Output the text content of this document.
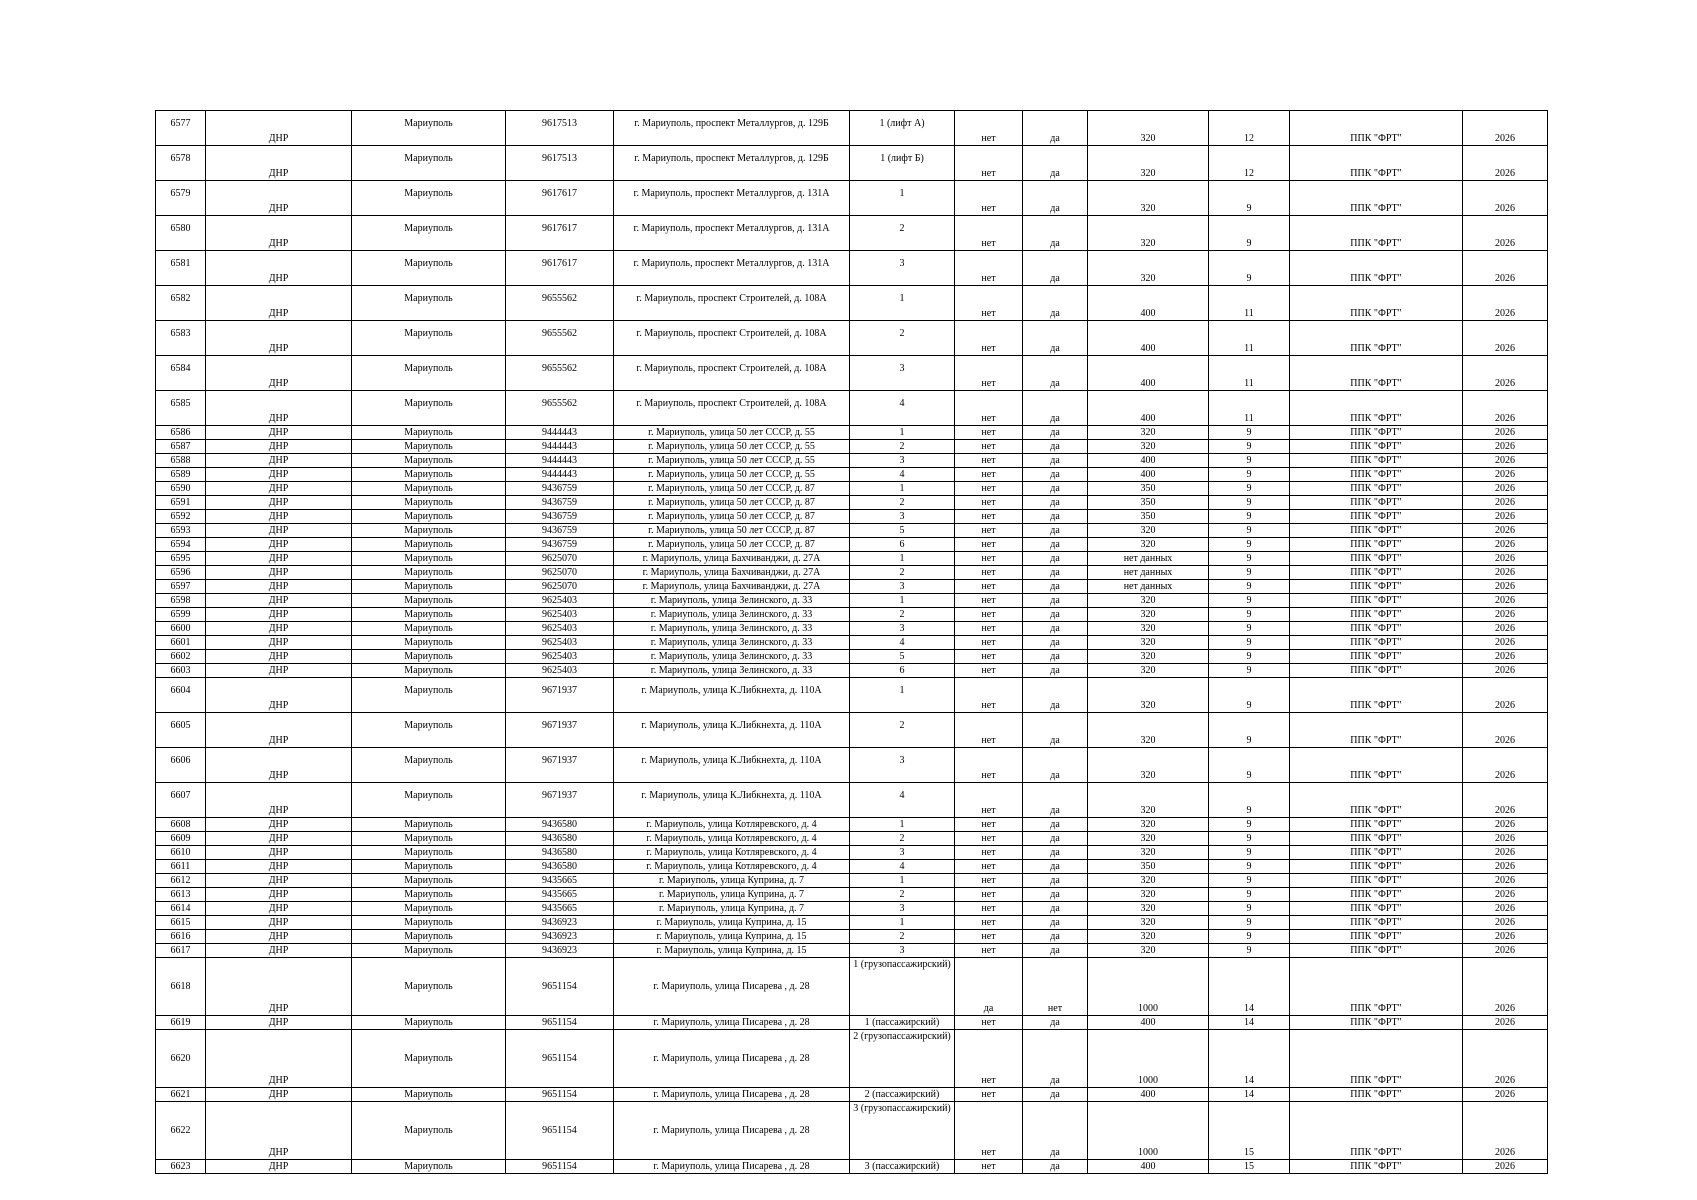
6577	ДНР	Мариуполь	9617513	г. Мариуполь, проспект Металлургов, д. 129Б	1 (лифт А)	нет	да	320	12	ППК "ФРТ"	2026
6578	ДНР	Мариуполь	9617513	г. Мариуполь, проспект Металлургов, д. 129Б	1 (лифт Б)	нет	да	320	12	ППК "ФРТ"	2026
6579	ДНР	Мариуполь	9617617	г. Мариуполь, проспект Металлургов, д. 131А	1	нет	да	320	9	ППК "ФРТ"	2026
6580	ДНР	Мариуполь	9617617	г. Мариуполь, проспект Металлургов, д. 131А	2	нет	да	320	9	ППК "ФРТ"	2026
6581	ДНР	Мариуполь	9617617	г. Мариуполь, проспект Металлургов, д. 131А	3	нет	да	320	9	ППК "ФРТ"	2026
6582	ДНР	Мариуполь	9655562	г. Мариуполь, проспект Строителей, д. 108А	1	нет	да	400	11	ППК "ФРТ"	2026
6583	ДНР	Мариуполь	9655562	г. Мариуполь, проспект Строителей, д. 108А	2	нет	да	400	11	ППК "ФРТ"	2026
6584	ДНР	Мариуполь	9655562	г. Мариуполь, проспект Строителей, д. 108А	3	нет	да	400	11	ППК "ФРТ"	2026
6585	ДНР	Мариуполь	9655562	г. Мариуполь, проспект Строителей, д. 108А	4	нет	да	400	11	ППК "ФРТ"	2026
6586	ДНР	Мариуполь	9444443	г. Мариуполь, улица 50 лет СССР, д. 55	1	нет	да	320	9	ППК "ФРТ"	2026
6587	ДНР	Мариуполь	9444443	г. Мариуполь, улица 50 лет СССР, д. 55	2	нет	да	320	9	ППК "ФРТ"	2026
6588	ДНР	Мариуполь	9444443	г. Мариуполь, улица 50 лет СССР, д. 55	3	нет	да	400	9	ППК "ФРТ"	2026
6589	ДНР	Мариуполь	9444443	г. Мариуполь, улица 50 лет СССР, д. 55	4	нет	да	400	9	ППК "ФРТ"	2026
6590	ДНР	Мариуполь	9436759	г. Мариуполь, улица 50 лет СССР, д. 87	1	нет	да	350	9	ППК "ФРТ"	2026
6591	ДНР	Мариуполь	9436759	г. Мариуполь, улица 50 лет СССР, д. 87	2	нет	да	350	9	ППК "ФРТ"	2026
6592	ДНР	Мариуполь	9436759	г. Мариуполь, улица 50 лет СССР, д. 87	3	нет	да	350	9	ППК "ФРТ"	2026
6593	ДНР	Мариуполь	9436759	г. Мариуполь, улица 50 лет СССР, д. 87	5	нет	да	320	9	ППК "ФРТ"	2026
6594	ДНР	Мариуполь	9436759	г. Мариуполь, улица 50 лет СССР, д. 87	6	нет	да	320	9	ППК "ФРТ"	2026
6595	ДНР	Мариуполь	9625070	г. Мариуполь, улица Бахчиванджи, д. 27А	1	нет	да	нет данных	9	ППК "ФРТ"	2026
6596	ДНР	Мариуполь	9625070	г. Мариуполь, улица Бахчиванджи, д. 27А	2	нет	да	нет данных	9	ППК "ФРТ"	2026
6597	ДНР	Мариуполь	9625070	г. Мариуполь, улица Бахчиванджи, д. 27А	3	нет	да	нет данных	9	ППК "ФРТ"	2026
6598	ДНР	Мариуполь	9625403	г. Мариуполь, улица Зелинского, д. 33	1	нет	да	320	9	ППК "ФРТ"	2026
6599	ДНР	Мариуполь	9625403	г. Мариуполь, улица Зелинского, д. 33	2	нет	да	320	9	ППК "ФРТ"	2026
6600	ДНР	Мариуполь	9625403	г. Мариуполь, улица Зелинского, д. 33	3	нет	да	320	9	ППК "ФРТ"	2026
6601	ДНР	Мариуполь	9625403	г. Мариуполь, улица Зелинского, д. 33	4	нет	да	320	9	ППК "ФРТ"	2026
6602	ДНР	Мариуполь	9625403	г. Мариуполь, улица Зелинского, д. 33	5	нет	да	320	9	ППК "ФРТ"	2026
6603	ДНР	Мариуполь	9625403	г. Мариуполь, улица Зелинского, д. 33	6	нет	да	320	9	ППК "ФРТ"	2026
6604	ДНР	Мариуполь	9671937	г. Мариуполь, улица К.Либкнехта, д. 110А	1	нет	да	320	9	ППК "ФРТ"	2026
6605	ДНР	Мариуполь	9671937	г. Мариуполь, улица К.Либкнехта, д. 110А	2	нет	да	320	9	ППК "ФРТ"	2026
6606	ДНР	Мариуполь	9671937	г. Мариуполь, улица К.Либкнехта, д. 110А	3	нет	да	320	9	ППК "ФРТ"	2026
6607	ДНР	Мариуполь	9671937	г. Мариуполь, улица К.Либкнехта, д. 110А	4	нет	да	320	9	ППК "ФРТ"	2026
6608	ДНР	Мариуполь	9436580	г. Мариуполь, улица Котляревского, д. 4	1	нет	да	320	9	ППК "ФРТ"	2026
6609	ДНР	Мариуполь	9436580	г. Мариуполь, улица Котляревского, д. 4	2	нет	да	320	9	ППК "ФРТ"	2026
6610	ДНР	Мариуполь	9436580	г. Мариуполь, улица Котляревского, д. 4	3	нет	да	320	9	ППК "ФРТ"	2026
6611	ДНР	Мариуполь	9436580	г. Мариуполь, улица Котляревского, д. 4	4	нет	да	350	9	ППК "ФРТ"	2026
6612	ДНР	Мариуполь	9435665	г. Мариуполь, улица Куприна, д. 7	1	нет	да	320	9	ППК "ФРТ"	2026
6613	ДНР	Мариуполь	9435665	г. Мариуполь, улица Куприна, д. 7	2	нет	да	320	9	ППК "ФРТ"	2026
6614	ДНР	Мариуполь	9435665	г. Мариуполь, улица Куприна, д. 7	3	нет	да	320	9	ППК "ФРТ"	2026
6615	ДНР	Мариуполь	9436923	г. Мариуполь, улица Куприна, д. 15	1	нет	да	320	9	ППК "ФРТ"	2026
6616	ДНР	Мариуполь	9436923	г. Мариуполь, улица Куприна, д. 15	2	нет	да	320	9	ППК "ФРТ"	2026
6617	ДНР	Мариуполь	9436923	г. Мариуполь, улица Куприна, д. 15	3	нет	да	320	9	ППК "ФРТ"	2026
6618	ДНР	Мариуполь	9651154	г. Мариуполь, улица Писарева , д. 28	1 (грузопассажирский)	да	нет	1000	14	ППК "ФРТ"	2026
6619	ДНР	Мариуполь	9651154	г. Мариуполь, улица Писарева , д. 28	1 (пассажирский)	нет	да	400	14	ППК "ФРТ"	2026
6620	ДНР	Мариуполь	9651154	г. Мариуполь, улица Писарева , д. 28	2 (грузопассажирский)	нет	да	1000	14	ППК "ФРТ"	2026
6621	ДНР	Мариуполь	9651154	г. Мариуполь, улица Писарева , д. 28	2 (пассажирский)	нет	да	400	14	ППК "ФРТ"	2026
6622	ДНР	Мариуполь	9651154	г. Мариуполь, улица Писарева , д. 28	3 (грузопассажирский)	нет	да	1000	15	ППК "ФРТ"	2026
6623	ДНР	Мариуполь	9651154	г. Мариуполь, улица Писарева , д. 28	3 (пассажирский)	нет	да	400	15	ППК "ФРТ"	2026
